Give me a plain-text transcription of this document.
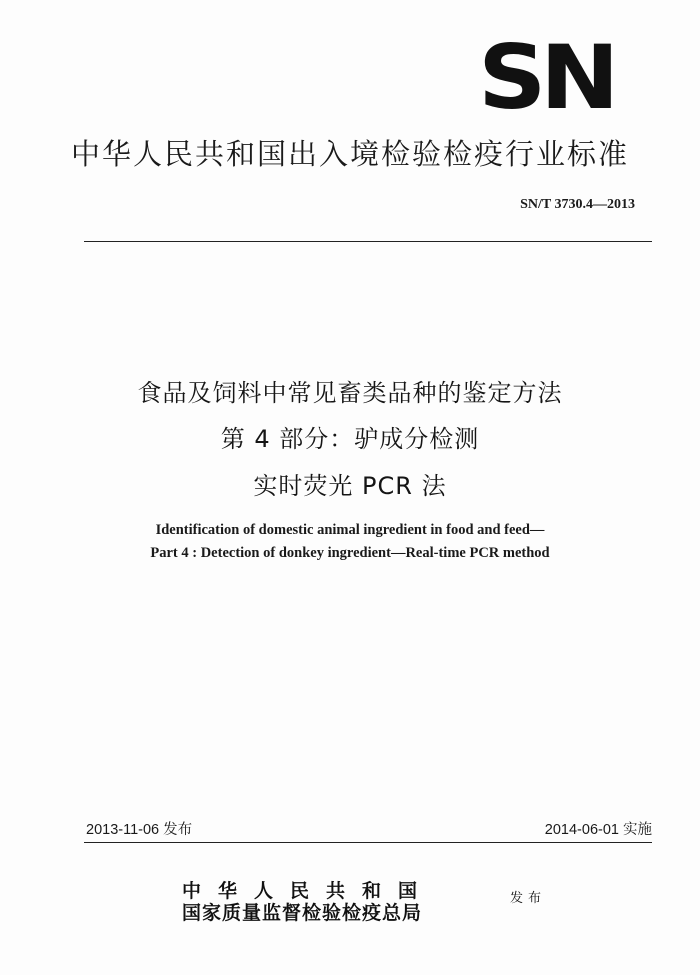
SN
中华人民共和国出入境检验检疫行业标准
SN/T 3730.4—2013
食品及饲料中常见畜类品种的鉴定方法
第 4 部分：驴成分检测
实时荧光 PCR 法
Identification of domestic animal ingredient in food and feed—
Part 4 : Detection of donkey ingredient—Real-time PCR method
2013-11-06 发布	2014-06-01 实施
中华人民共和国
国家质量监督检验检疫总局
发布
